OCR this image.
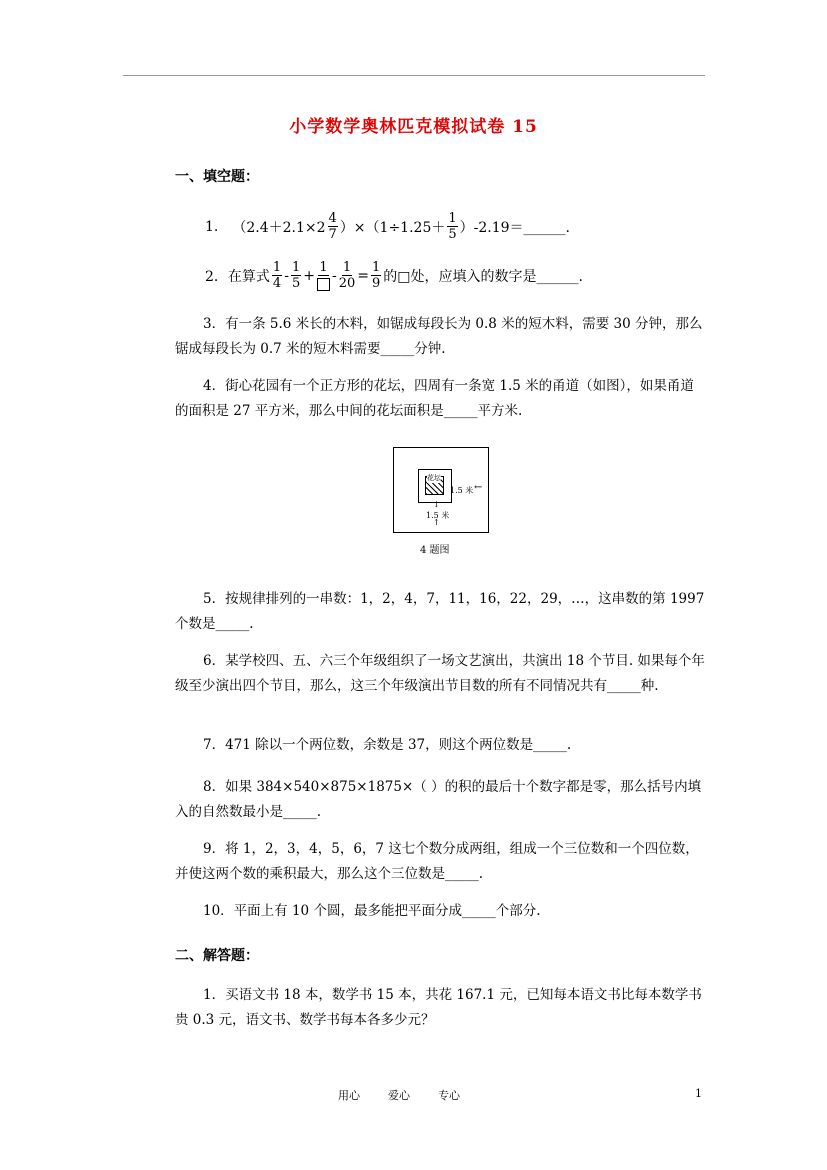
小学数学奥林匹克模拟试卷 15
一、填空题：
1. $(2.4+2.1\times 2 \frac{4}{7} )\times(1\div 1.25+ \frac{1}{5}$ ）-2.19＝______.
2．在算式 $\frac{1}{4} - \frac{1}{5} + 1 - \frac{1}{20} = \frac{1}{9}$ 的□处，应填入的数字是______.
3．有一条 5.6 米长的木料，如锯成每段长为 0.8 米的短木料，需要 30 分钟，那么锯成每段长为 0.7 米的短木料需要_____分钟.
4．街心花园有一个正方形的花坛，四周有一条宽 1.5 米的甬道（如图），如果甬道的面积是 27 平方米，那么中间的花坛面积是_____平方米.
花坛
1.5 米 ←
↓
1.5 米
↑
4 题图
5．按规律排列的一串数：1，2，4，7，11，16，22，29，…，这串数的第 1997 个数是_____.
6．某学校四、五、六三个年级组织了一场文艺演出，共演出 18 个节目. 如果每个年级至少演出四个节目，那么，这三个年级演出节目数的所有不同情况共有_____种.
7．471 除以一个两位数，余数是 37，则这个两位数是_____.
8．如果 384×540×875×1875×（ ）的积的最后十个数字都是零，那么括号内填入的自然数最小是_____.
9．将 1，2，3，4，5，6，7 这七个数分成两组，组成一个三位数和一个四位数，并使这两个数的乘积最大，那么这个三位数是_____.
10．平面上有 10 个圆，最多能把平面分成_____个部分.
二、解答题：
1．买语文书 18 本，数学书 15 本，共花 167.1 元，已知每本语文书比每本数学书贵 0.3 元，语文书、数学书每本各多少元？
用心	爱心	专心	1
